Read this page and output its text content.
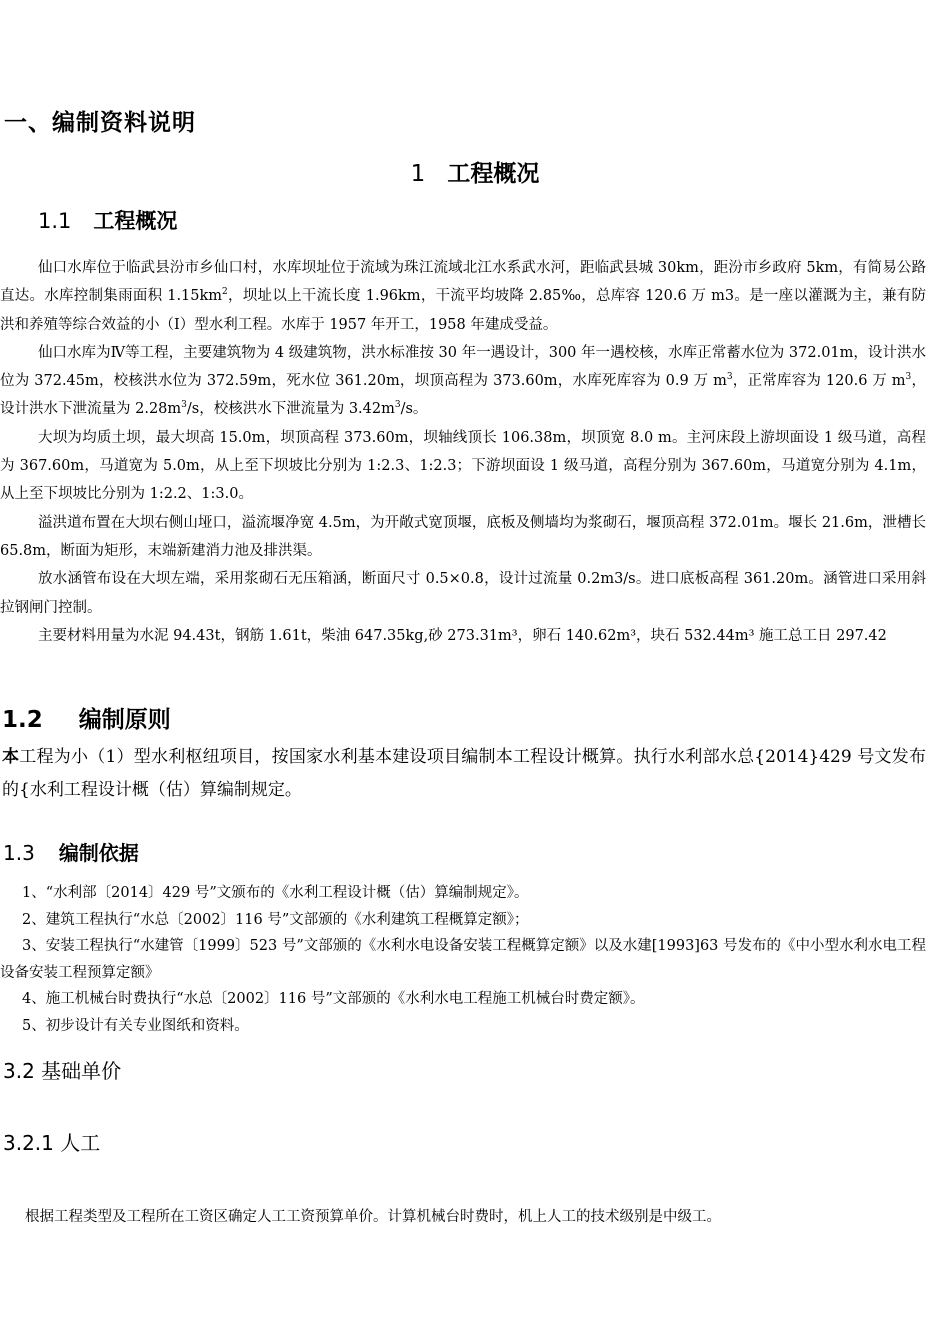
一、编制资料说明
1 工程概况
1.1 工程概况

仙口水库位于临武县汾市乡仙口村，水库坝址位于流域为珠江流域北江水系武水河，距临武县城 30km，距汾市乡政府 5km，有简易公路直达。水库控制集雨面积 $1.15km^2$，坝址以上干流长度 1.96km，干流平均坡降 2.85‰，总库容 120.6 万 m3。是一座以灌溉为主，兼有防洪和养殖等综合效益的小（I）型水利工程。水库于 1957 年开工，1958 年建成受益。

仙口水库为Ⅳ等工程，主要建筑物为 4 级建筑物，洪水标准按 30 年一遇设计，300 年一遇校核，水库正常蓄水位为 372.01m，设计洪水位为 372.45m，校核洪水位为 372.59m，死水位 361.20m，坝顶高程为 373.60m，水库死库容为 0.9 万 $m^3$，正常库容为 120.6 万 $m^3$，设计洪水下泄流量为 $2.28m^3/s$，校核洪水下泄流量为 $3.42m^3/s$。

大坝为均质土坝，最大坝高 15.0m，坝顶高程 373.60m，坝轴线顶长 106.38m，坝顶宽 8.0 m。主河床段上游坝面设 1 级马道，高程为 367.60m，马道宽为 5.0m，从上至下坝坡比分别为 1:2.3、1:2.3；下游坝面设 1 级马道，高程分别为 367.60m，马道宽分别为 4.1m，从上至下坝坡比分别为 1:2.2、1:3.0。

溢洪道布置在大坝右侧山垭口，溢流堰净宽 4.5m，为开敞式宽顶堰，底板及侧墙均为浆砌石，堰顶高程 372.01m。堰长 21.6m，泄槽长 65.8m，断面为矩形，末端新建消力池及排洪渠。

放水涵管布设在大坝左端，采用浆砌石无压箱涵，断面尺寸 0.5×0.8，设计过流量 0.2m3/s。进口底板高程 361.20m。涵管进口采用斜拉钢闸门控制。

主要材料用量为水泥 94.43t，钢筋 1.61t，柴油 647.35kg,砂 273.31m³，卵石 140.62m³，块石 532.44m³ 施工总工日 297.42

1.2 编制原则
本工程为小（1）型水利枢纽项目，按国家水利基本建设项目编制本工程设计概算。执行水利部水总{2014}429 号文发布的{水利工程设计概（估）算编制规定。
1.3 编制依据
1、“水利部〔2014〕429 号”文颁布的《水利工程设计概（估）算编制规定》。
2、建筑工程执行“水总〔2002〕116 号”文部颁的《水利建筑工程概算定额》；
3、安装工程执行“水建管〔1999〕523 号”文部颁的《水利水电设备安装工程概算定额》以及水建[1993]63 号发布的《中小型水利水电工程设备安装工程预算定额》
4、施工机械台时费执行“水总〔2002〕116 号”文部颁的《水利水电工程施工机械台时费定额》。
5、初步设计有关专业图纸和资料。
3.2 基础单价
3.2.1 人工
根据工程类型及工程所在工资区确定人工工资预算单价。计算机械台时费时，机上人工的技术级别是中级工。
